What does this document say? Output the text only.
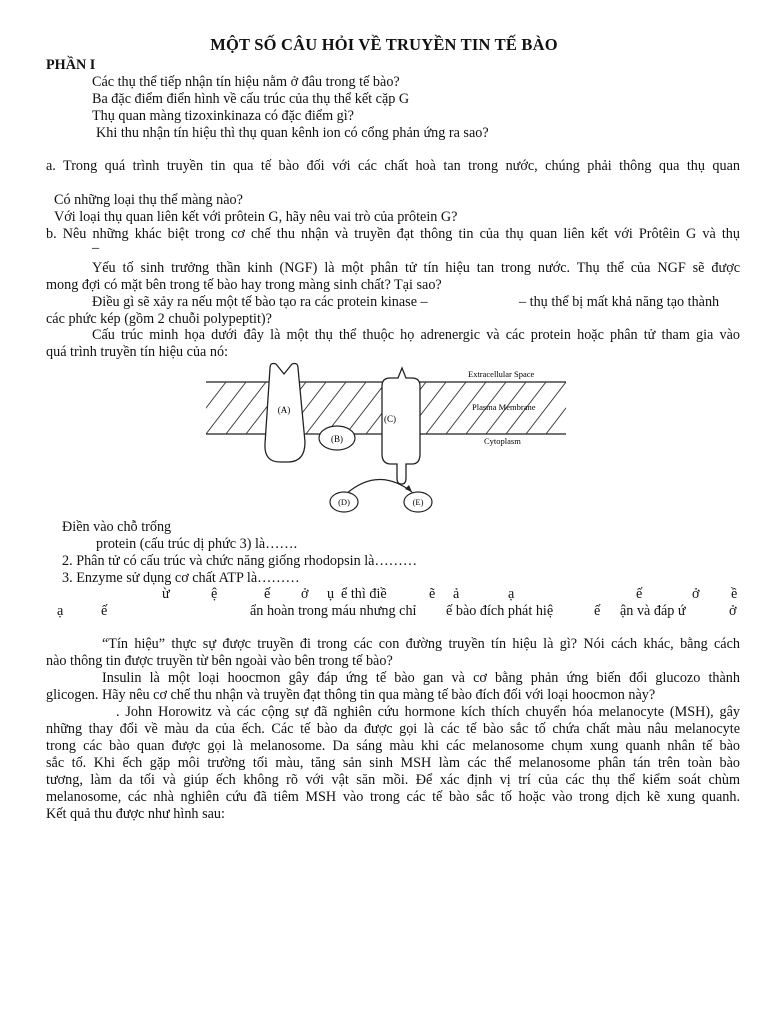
MỘT SỐ CÂU HỎI VỀ TRUYỀN TIN TẾ BÀO
PHẦN I
Các thụ thể tiếp nhận tín hiệu nằm ở đâu trong tế bào?
Ba đặc điểm điển hình về cấu trúc của thụ thể kết cặp G
Thụ quan màng tizoxinkinaza có đặc điểm gì?
Khi thu nhận tín hiệu thì thụ quan kênh ion có cổng phản ứng ra sao?
a. Trong quá trình truyền tin qua tế bào đối với các chất hoà tan trong nước, chúng phải thông qua thụ quan
Có những loại thụ thể màng nào?
Với loại thụ quan liên kết với prôtein G, hãy nêu vai trò của prôtein G?
b. Nêu những khác biệt trong cơ chế thu nhận và truyền đạt thông tin của thụ quan liên kết với Prôtêin G và thụ
–
Yếu tố sinh trưởng thần kinh (NGF) là một phân tử tín hiệu tan trong nước. Thụ thể của NGF sẽ được
mong đợi có mặt bên trong tế bào hay trong màng sinh chất? Tại sao?
Điều gì sẽ xảy ra nếu một tế bào tạo ra các protein kinase –	– thụ thể bị mất khả năng tạo thành
các phức kép (gồm 2 chuỗi polypeptit)?
Cấu trúc minh họa dưới đây là một thụ thể thuộc họ adrenergic và các protein hoặc phân tử tham gia vào
quá trình truyền tín hiệu của nó:
(A)
(B)
(C)
(D)	(E)
Extracellular Space
Plasma Membrane
Cytoplasm
Điền vào chỗ trống
protein (cấu trúc dị phức 3) là…….
2. Phân tử có cấu trúc và chức năng giống rhodopsin là………
3. Enzyme sử dụng cơ chất ATP là………
ừ	ệ	ế ở ụ ể thì điề	ẽ ả	ạ	ế	ở ề
ạ	ế	ẩn hoàn trong máu nhưng chỉ ế bào đích phát hiệ	ế ận và đáp ứ	ở
“Tín hiệu” thực sự được truyền đi trong các con đường truyền tín hiệu là gì? Nói cách khác, bằng cách
nào thông tin được truyền từ bên ngoài vào bên trong tế bào?
Insulin là một loại hoocmon gây đáp ứng tế bào gan và cơ bằng phản ứng biến đổi glucozo thành
glicogen. Hãy nêu cơ chế thu nhận và truyền đạt thông tin qua màng tế bào đích đối với loại hoocmon này?
. John Horowitz và các cộng sự đã nghiên cứu hormone kích thích chuyển hóa melanocyte (MSH), gây
những thay đổi về màu da của ếch. Các tế bào da được gọi là các tế bào sắc tố chứa chất màu nâu melanocyte
trong các bào quan được gọi là melanosome. Da sáng màu khi các melanosome chụm xung quanh nhân tế bào
sắc tố. Khi ếch gặp môi trường tối màu, tăng sản sinh MSH làm các thể melanosome phân tán trên toàn bào
tương, làm da tối và giúp ếch không rõ với vật săn mồi. Để xác định vị trí của các thụ thể kiểm soát chùm
melanosome, các nhà nghiên cứu đã tiêm MSH vào trong các tế bào sắc tố hoặc vào trong dịch kẽ xung quanh.
Kết quả thu được như hình sau:
